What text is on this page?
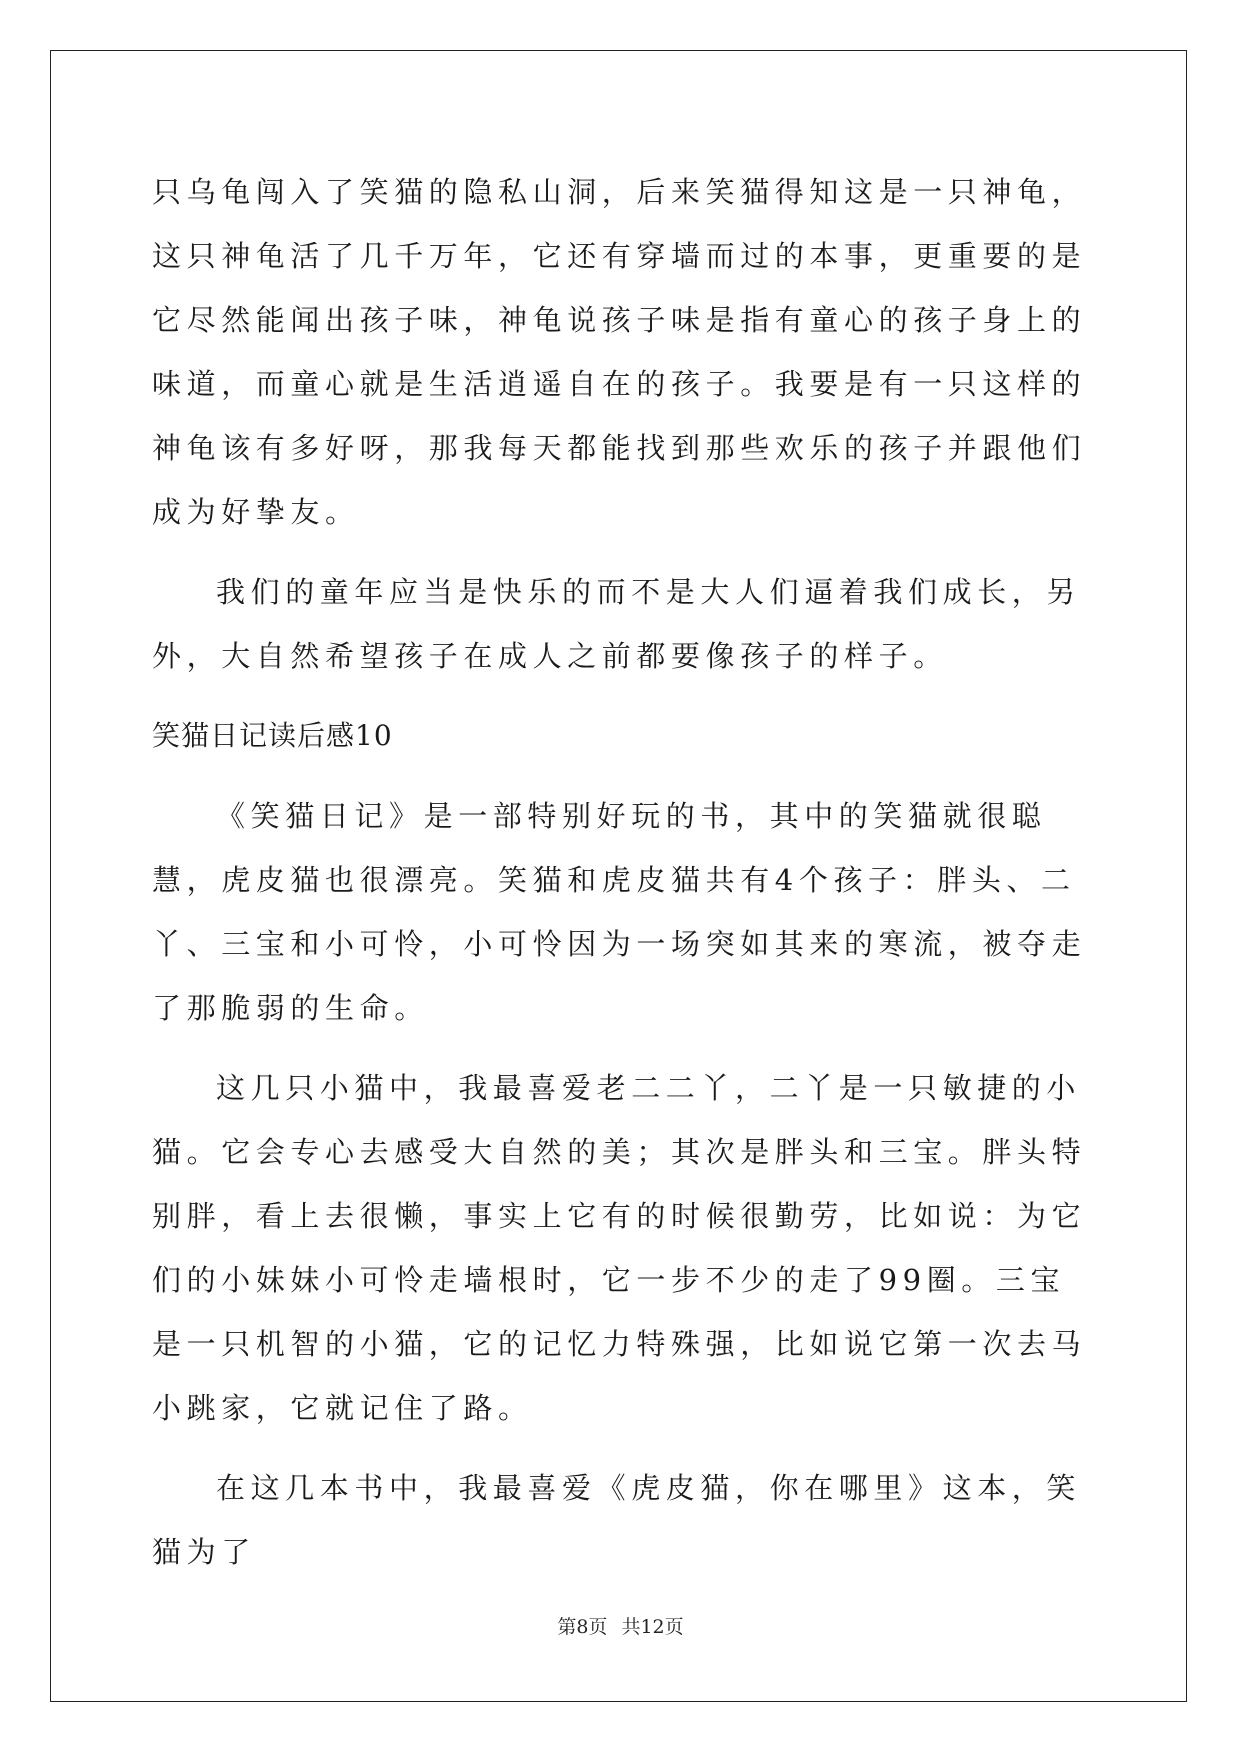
只乌龟闯入了笑猫的隐私山洞，后来笑猫得知这是一只神龟，这只神龟活了几千万年，它还有穿墙而过的本事，更重要的是它尽然能闻出孩子味，神龟说孩子味是指有童心的孩子身上的味道，而童心就是生活逍遥自在的孩子。我要是有一只这样的神龟该有多好呀，那我每天都能找到那些欢乐的孩子并跟他们成为好挚友。

我们的童年应当是快乐的而不是大人们逼着我们成长，另外，大自然希望孩子在成人之前都要像孩子的样子。

笑猫日记读后感10

《笑猫日记》是一部特别好玩的书，其中的笑猫就很聪慧，虎皮猫也很漂亮。笑猫和虎皮猫共有4个孩子：胖头、二丫、三宝和小可怜，小可怜因为一场突如其来的寒流，被夺走了那脆弱的生命。

这几只小猫中，我最喜爱老二二丫，二丫是一只敏捷的小猫。它会专心去感受大自然的美；其次是胖头和三宝。胖头特别胖，看上去很懒，事实上它有的时候很勤劳，比如说：为它们的小妹妹小可怜走墙根时，它一步不少的走了99圈。三宝是一只机智的小猫，它的记忆力特殊强，比如说它第一次去马小跳家，它就记住了路。

在这几本书中，我最喜爱《虎皮猫，你在哪里》这本，笑猫为了

第8页 共12页
